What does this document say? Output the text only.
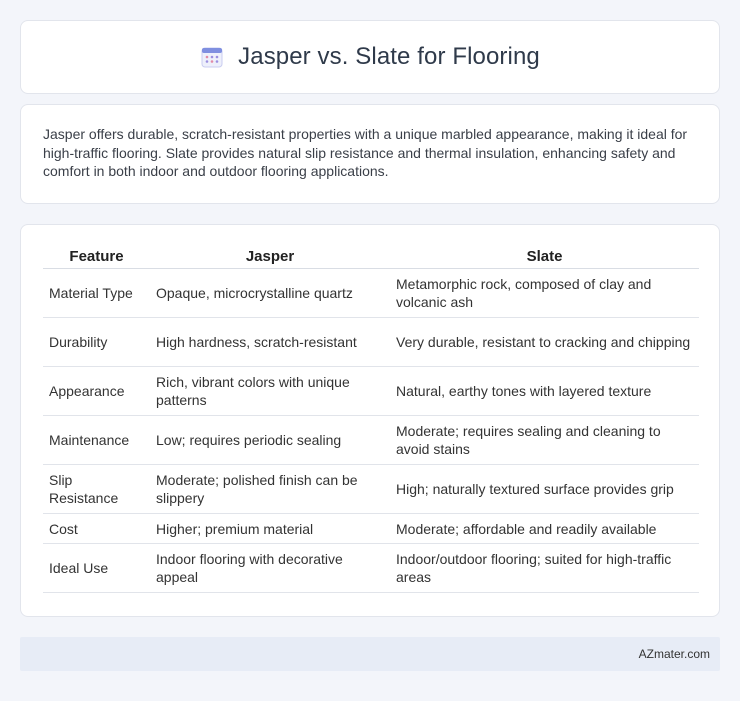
Jasper vs. Slate for Flooring

Jasper offers durable, scratch-resistant properties with a unique marbled appearance, making it ideal for high-traffic flooring. Slate provides natural slip resistance and thermal insulation, enhancing safety and comfort in both indoor and outdoor flooring applications.

Feature	Jasper	Slate
Material Type	Opaque, microcrystalline quartz	Metamorphic rock, composed of clay and volcanic ash
Durability	High hardness, scratch-resistant	Very durable, resistant to cracking and chipping
Appearance	Rich, vibrant colors with unique patterns	Natural, earthy tones with layered texture
Maintenance	Low; requires periodic sealing	Moderate; requires sealing and cleaning to avoid stains
Slip Resistance	Moderate; polished finish can be slippery	High; naturally textured surface provides grip
Cost	Higher; premium material	Moderate; affordable and readily available
Ideal Use	Indoor flooring with decorative appeal	Indoor/outdoor flooring; suited for high-traffic areas
AZmater.com
